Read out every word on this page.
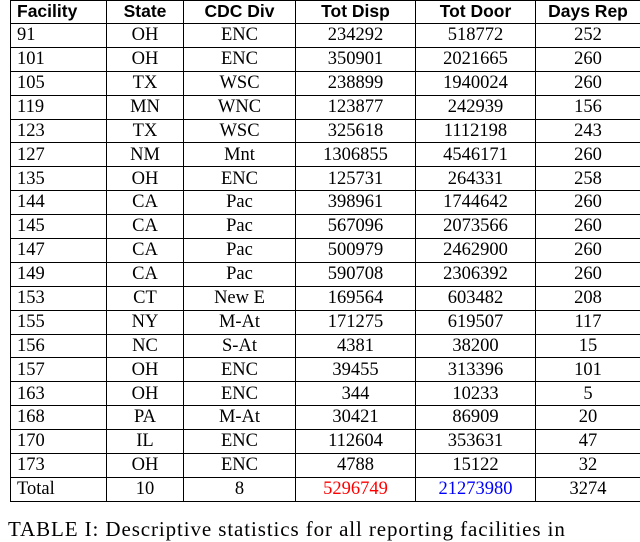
Facility	State	CDC Div	Tot Disp	Tot Door	Days Rep
91	OH	ENC	234292	518772	252
101	OH	ENC	350901	2021665	260
105	TX	WSC	238899	1940024	260
119	MN	WNC	123877	242939	156
123	TX	WSC	325618	1112198	243
127	NM	Mnt	1306855	4546171	260
135	OH	ENC	125731	264331	258
144	CA	Pac	398961	1744642	260
145	CA	Pac	567096	2073566	260
147	CA	Pac	500979	2462900	260
149	CA	Pac	590708	2306392	260
153	CT	New E	169564	603482	208
155	NY	M-At	171275	619507	117
156	NC	S-At	4381	38200	15
157	OH	ENC	39455	313396	101
163	OH	ENC	344	10233	5
168	PA	M-At	30421	86909	20
170	IL	ENC	112604	353631	47
173	OH	ENC	4788	15122	32
Total	10	8	5296749	21273980	3274
TABLE I: Descriptive statistics for all reporting facilities in
